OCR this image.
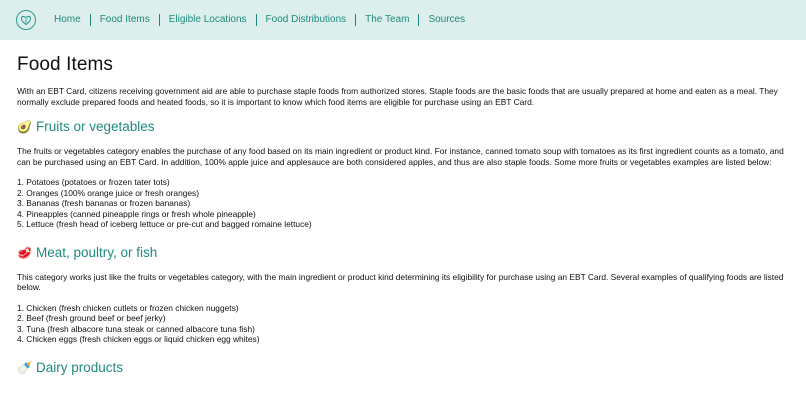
Home	Food Items	Eligible Locations	Food Distributions	The Team	Sources
Food Items

With an EBT Card, citizens receiving government aid are able to purchase staple foods from authorized stores. Staple foods are the basic foods that are usually prepared at home and eaten as a meal. They normally exclude prepared foods and heated foods, so it is important to know which food items are eligible for purchase using an EBT Card.

🥑 Fruits or vegetables

The fruits or vegetables category enables the purchase of any food based on its main ingredient or product kind. For instance, canned tomato soup with tomatoes as its first ingredient counts as a tomato, and can be purchased using an EBT Card. In addition, 100% apple juice and applesauce are both considered apples, and thus are also staple foods. Some more fruits or vegetables examples are listed below:

1. Potatoes (potatoes or frozen tater tots)
2. Oranges (100% orange juice or fresh oranges)
3. Bananas (fresh bananas or frozen bananas)
4. Pineapples (canned pineapple rings or fresh whole pineapple)
5. Lettuce (fresh head of iceberg lettuce or pre-cut and bagged romaine lettuce)
🥩 Meat, poultry, or fish

This category works just like the fruits or vegetables category, with the main ingredient or product kind determining its eligibility for purchase using an EBT Card. Several examples of qualifying foods are listed below.

1. Chicken (fresh chicken cutlets or frozen chicken nuggets)
2. Beef (fresh ground beef or beef jerky)
3. Tuna (fresh albacore tuna steak or canned albacore tuna fish)
4. Chicken eggs (fresh chicken eggs or liquid chicken egg whites)
🍼 Dairy products
